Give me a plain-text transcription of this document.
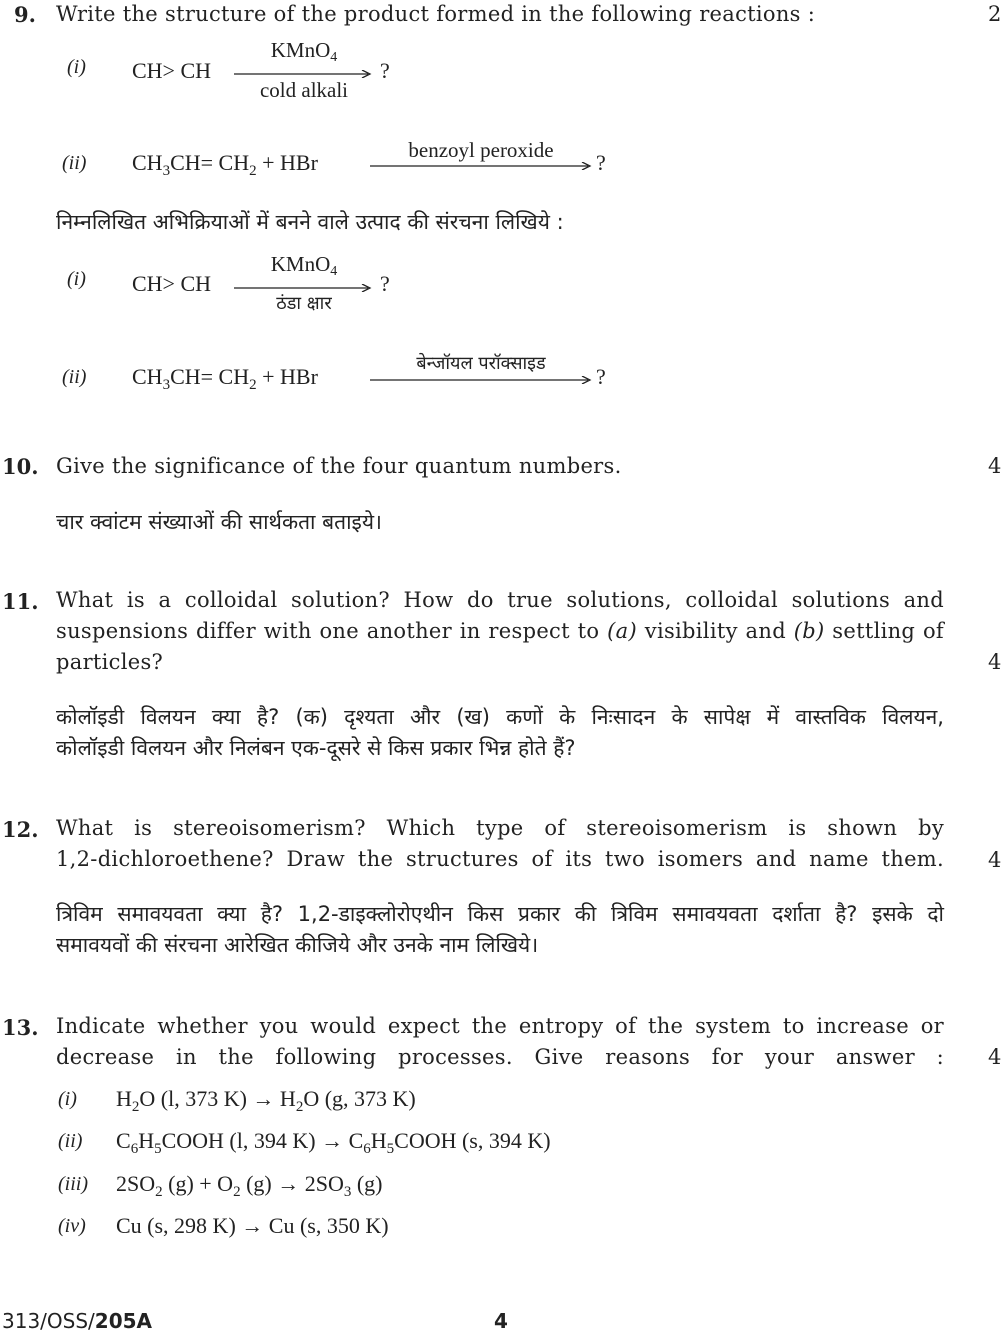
9. Write the structure of the product formed in the following reactions :	2
(i) CH> CH
KMnO$_4$
cold alkali
?
(ii) $CH_3CH= CH_2$ + HBr	benzoyl peroxide ?
निम्नलिखित अभिक्रियाओं में बनने वाले उत्पाद की संरचना लिखिये :
(i) CH> CH
KMnO$_4$
ठंडा क्षार
?
(ii) $CH_3CH= CH_2$ + HBr
बेन्जॉयल परॉक्साइड
?
10. Give the significance of the four quantum numbers.	4
चार क्वांटम संख्याओं की सार्थकता बताइये।
11. What is a colloidal solution? How do true solutions, colloidal solutions and
suspensions differ with one another in respect to (a) visibility and (b) settling of
particles?	4
कोलॉइडी विलयन क्या है? (क) दृश्यता और (ख) कणों के निःसादन के सापेक्ष में वास्तविक विलयन,
कोलॉइडी विलयन और निलंबन एक-दूसरे से किस प्रकार भिन्न होते हैं?
12. What is stereoisomerism? Which type of stereoisomerism is shown by
1,2-dichloroethene? Draw the structures of its two isomers and name them. 4
त्रिविम समावयवता क्या है? 1,2-डाइक्लोरोएथीन किस प्रकार की त्रिविम समावयवता दर्शाता है? इसके दो
समावयवों की संरचना आरेखित कीजिये और उनके नाम लिखिये।
13. Indicate whether you would expect the entropy of the system to increase or
decrease in the following processes. Give reasons for your answer : 4
(i) $H_2O$ (l, 373 $K) \to H_2O$ (g, 373 K)
(ii) $C_6H_5COOH$ (l, 394 $K) \to C_6H_5COOH$ (s, 394 K)
(iii) $2SO_2$ $(g) + O_2$ $(g) \to 2SO_3$ (g)
(iv) Cu (s, 298 K) → Cu (s, 350 K)
313/OSS/205A	4
